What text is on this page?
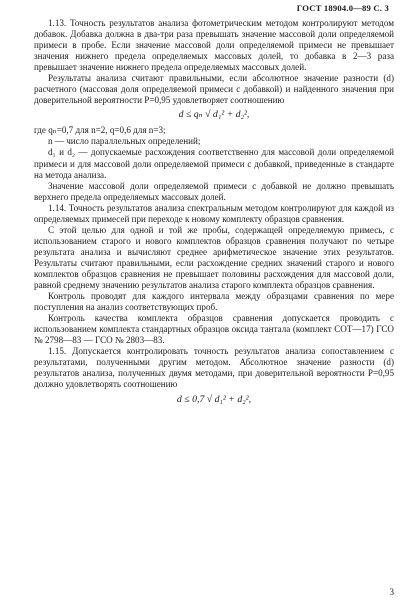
ГОСТ 18904.0—89 С. 3

1.13. Точность результатов анализа фотометрическим методом контролируют методом добавок. Добавка должна в два-три раза превышать значение массовой доли определяемой примеси в пробе. Если значение массовой доли определяемой примеси не превышает значения нижнего предела определяемых массовых долей, то добавка в 2—3 раза превышает значение нижнего предела определяемых массовых долей.

Результаты анализа считают правильными, если абсолютное значение разности (d) расчетного (массовая доля определяемой примеси с добавкой) и найденного значения при доверительной вероятности P=0,95 удовлетворяет соотношению

d ≤ qₙ √ d₁² + d₂²,

где qₙ=0,7 для n=2, q=0,6 для n=3;

n — число параллельных определений;

d₁ и d₂ — допускаемые расхождения соответственно для массовой доли определяемой примеси и для массовой доли определяемой примеси с добавкой, приведенные в стандарте на метода анализа.

Значение массовой доли определяемой примеси с добавкой не должно превышать верхнего предела определяемых массовых долей.

1.14. Точность результатов анализа спектральным методом контролируют для каждой из определяемых примесей при переходе к новому комплекту образцов сравнения.

С этой целью для одной и той же пробы, содержащей определяемую примесь, с использованием старого и нового комплектов образцов сравнения получают по четыре результата анализа и вычисляют среднее арифметическое значение этих результатов. Результаты считают правильными, если расхождение средних значений старого и нового комплектов образцов сравнения не превышает половины расхождения для массовой доли, равной среднему значению результатов анализа старого комплекта образцов сравнения.

Контроль проводят для каждого интервала между образцами сравнения по мере поступления на анализ соответствующих проб.

Контроль качества комплекта образцов сравнения допускается проводить с использованием комплекта стандартных образцов оксида тантала (комплект СОТ—17) ГСО № 2798—83 — ГСО № 2803—83.

1.15. Допускается контролировать точность результатов анализа сопоставлением с результатами, полученными другим методом. Абсолютное значение разности (d) результатов анализа, полученных двумя методами, при доверительной вероятности P=0,95 должно удовлетворять соотношению

d ≤ 0,7 √ d₁² + d₂²,
3
